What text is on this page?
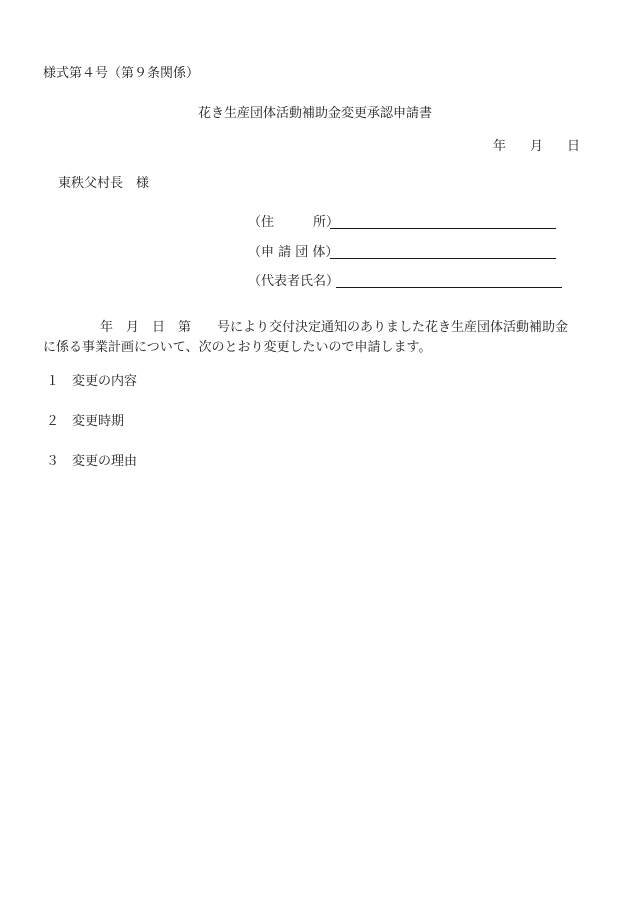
様式第４号（第９条関係）
花き生産団体活動補助金変更承認申請書
年 月 日
東秩父村長　様
（住　　　所）
（申 請 団 体）
（代表者氏名）
年　月　日　第　　号により交付決定通知のありました花き生産団体活動補助金
に係る事業計画について、次のとおり変更したいので申請します。
１ 変更の内容
２ 変更時期
３ 変更の理由
